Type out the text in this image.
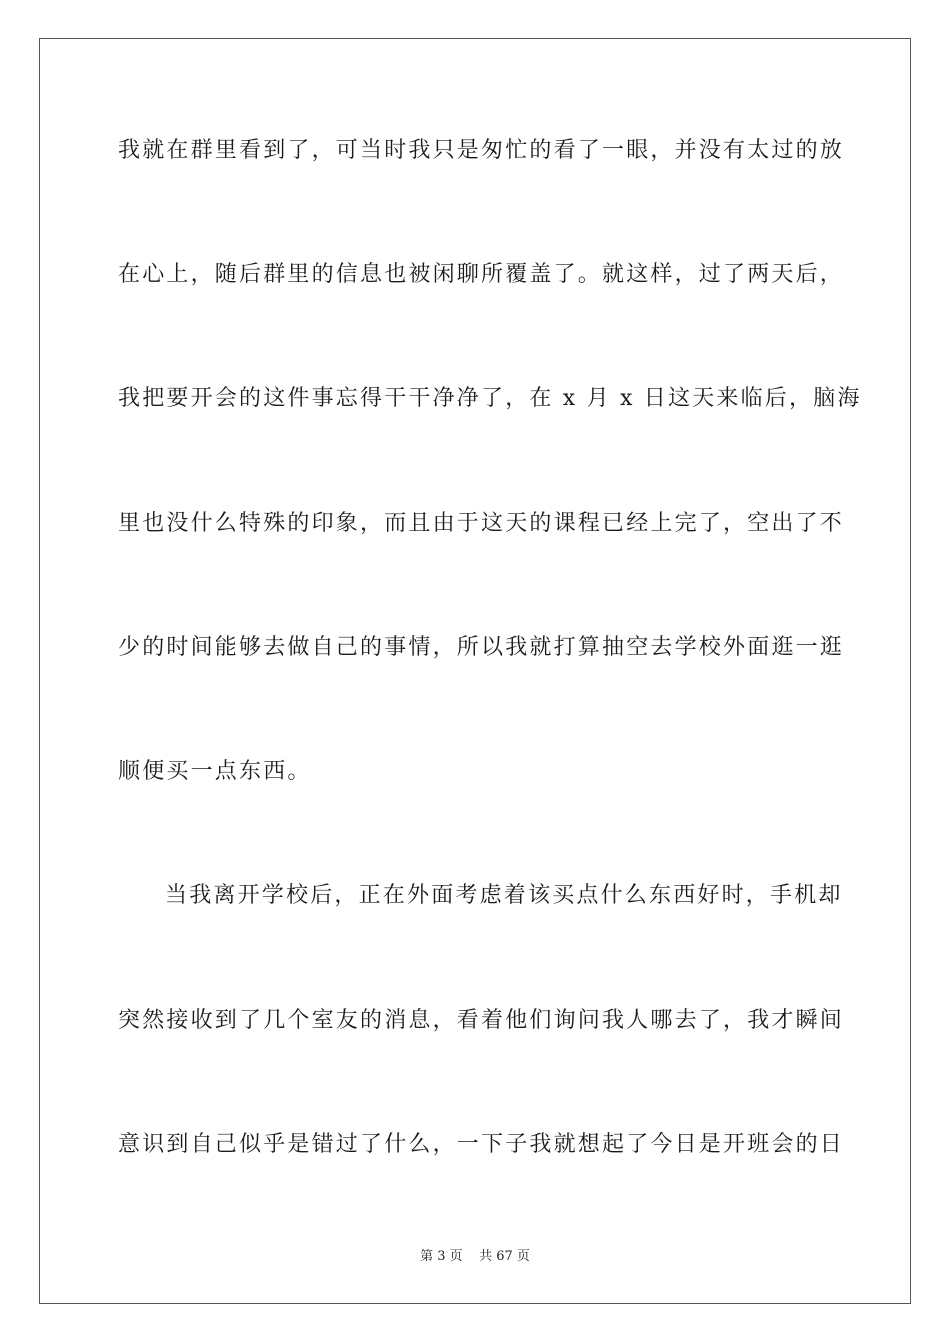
我就在群里看到了，可当时我只是匆忙的看了一眼，并没有太过的放

在心上，随后群里的信息也被闲聊所覆盖了。就这样，过了两天后，

我把要开会的这件事忘得干干净净了，在 x 月 x 日这天来临后，脑海

里也没什么特殊的印象，而且由于这天的课程已经上完了，空出了不

少的时间能够去做自己的事情，所以我就打算抽空去学校外面逛一逛

顺便买一点东西。

当我离开学校后，正在外面考虑着该买点什么东西好时，手机却

突然接收到了几个室友的消息，看着他们询问我人哪去了，我才瞬间

意识到自己似乎是错过了什么，一下子我就想起了今日是开班会的日

第 3 页    共 67 页
